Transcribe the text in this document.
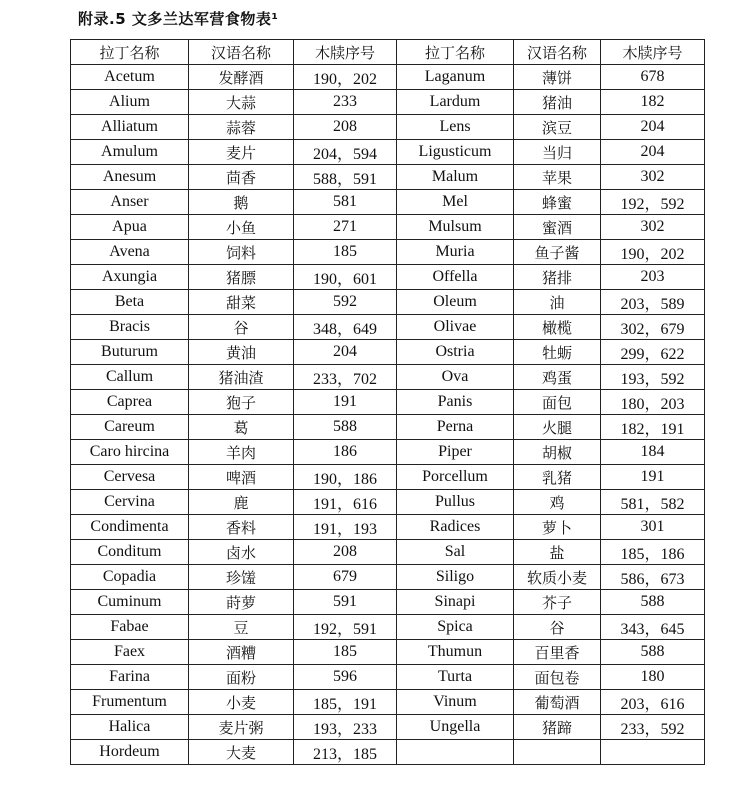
附录.5 文多兰达军营食物表¹
拉丁名称	汉语名称	木牍序号	拉丁名称	汉语名称	木牍序号
Acetum	发酵酒	190，202	Laganum	薄饼	678
Alium	大蒜	233	Lardum	猪油	182
Alliatum	蒜蓉	208	Lens	滨豆	204
Amulum	麦片	204，594	Ligusticum	当归	204
Anesum	茴香	588，591	Malum	苹果	302
Anser	鹅	581	Mel	蜂蜜	192，592
Apua	小鱼	271	Mulsum	蜜酒	302
Avena	饲料	185	Muria	鱼子酱	190，202
Axungia	猪膘	190，601	Offella	猪排	203
Beta	甜菜	592	Oleum	油	203，589
Bracis	谷	348，649	Olivae	橄榄	302，679
Buturum	黄油	204	Ostria	牡蛎	299，622
Callum	猪油渣	233，702	Ova	鸡蛋	193，592
Caprea	狍子	191	Panis	面包	180，203
Careum	葛	588	Perna	火腿	182，191
Caro hircina	羊肉	186	Piper	胡椒	184
Cervesa	啤酒	190，186	Porcellum	乳猪	191
Cervina	鹿	191，616	Pullus	鸡	581，582
Condimenta	香料	191，193	Radices	萝卜	301
Conditum	卤水	208	Sal	盐	185，186
Copadia	珍馐	679	Siligo	软质小麦	586，673
Cuminum	莳萝	591	Sinapi	芥子	588
Fabae	豆	192，591	Spica	谷	343，645
Faex	酒糟	185	Thumun	百里香	588
Farina	面粉	596	Turta	面包卷	180
Frumentum	小麦	185，191	Vinum	葡萄酒	203，616
Halica	麦片粥	193，233	Ungella	猪蹄	233，592
Hordeum	大麦	213，185			
